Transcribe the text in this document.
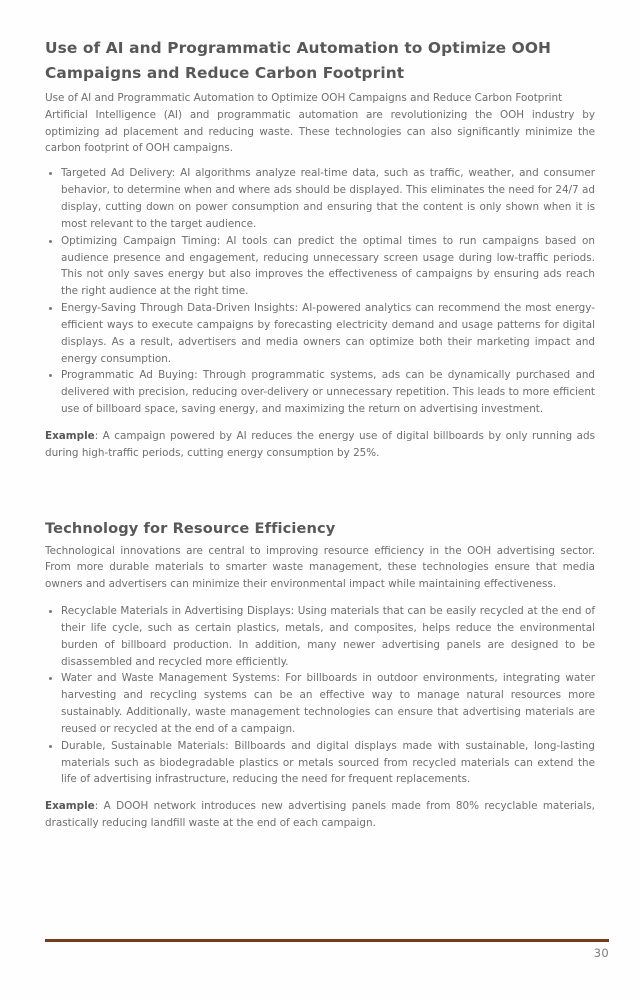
Use of AI and Programmatic Automation to Optimize OOH Campaigns and Reduce Carbon Footprint

Use of AI and Programmatic Automation to Optimize OOH Campaigns and Reduce Carbon Footprint

Artificial Intelligence (AI) and programmatic automation are revolutionizing the OOH industry by optimizing ad placement and reducing waste. These technologies can also significantly minimize the carbon footprint of OOH campaigns.

Targeted Ad Delivery: AI algorithms analyze real-time data, such as traffic, weather, and consumer behavior, to determine when and where ads should be displayed. This eliminates the need for 24/7 ad display, cutting down on power consumption and ensuring that the content is only shown when it is most relevant to the target audience.
Optimizing Campaign Timing: AI tools can predict the optimal times to run campaigns based on audience presence and engagement, reducing unnecessary screen usage during low-traffic periods. This not only saves energy but also improves the effectiveness of campaigns by ensuring ads reach the right audience at the right time.
Energy-Saving Through Data-Driven Insights: AI-powered analytics can recommend the most energy-efficient ways to execute campaigns by forecasting electricity demand and usage patterns for digital displays. As a result, advertisers and media owners can optimize both their marketing impact and energy consumption.
Programmatic Ad Buying: Through programmatic systems, ads can be dynamically purchased and delivered with precision, reducing over-delivery or unnecessary repetition. This leads to more efficient use of billboard space, saving energy, and maximizing the return on advertising investment.

Example: A campaign powered by AI reduces the energy use of digital billboards by only running ads during high-traffic periods, cutting energy consumption by 25%.

Technology for Resource Efficiency

Technological innovations are central to improving resource efficiency in the OOH advertising sector. From more durable materials to smarter waste management, these technologies ensure that media owners and advertisers can minimize their environmental impact while maintaining effectiveness.

Recyclable Materials in Advertising Displays: Using materials that can be easily recycled at the end of their life cycle, such as certain plastics, metals, and composites, helps reduce the environmental burden of billboard production. In addition, many newer advertising panels are designed to be disassembled and recycled more efficiently.
Water and Waste Management Systems: For billboards in outdoor environments, integrating water harvesting and recycling systems can be an effective way to manage natural resources more sustainably. Additionally, waste management technologies can ensure that advertising materials are reused or recycled at the end of a campaign.
Durable, Sustainable Materials: Billboards and digital displays made with sustainable, long-lasting materials such as biodegradable plastics or metals sourced from recycled materials can extend the life of advertising infrastructure, reducing the need for frequent replacements.

Example: A DOOH network introduces new advertising panels made from 80% recyclable materials, drastically reducing landfill waste at the end of each campaign.

30
